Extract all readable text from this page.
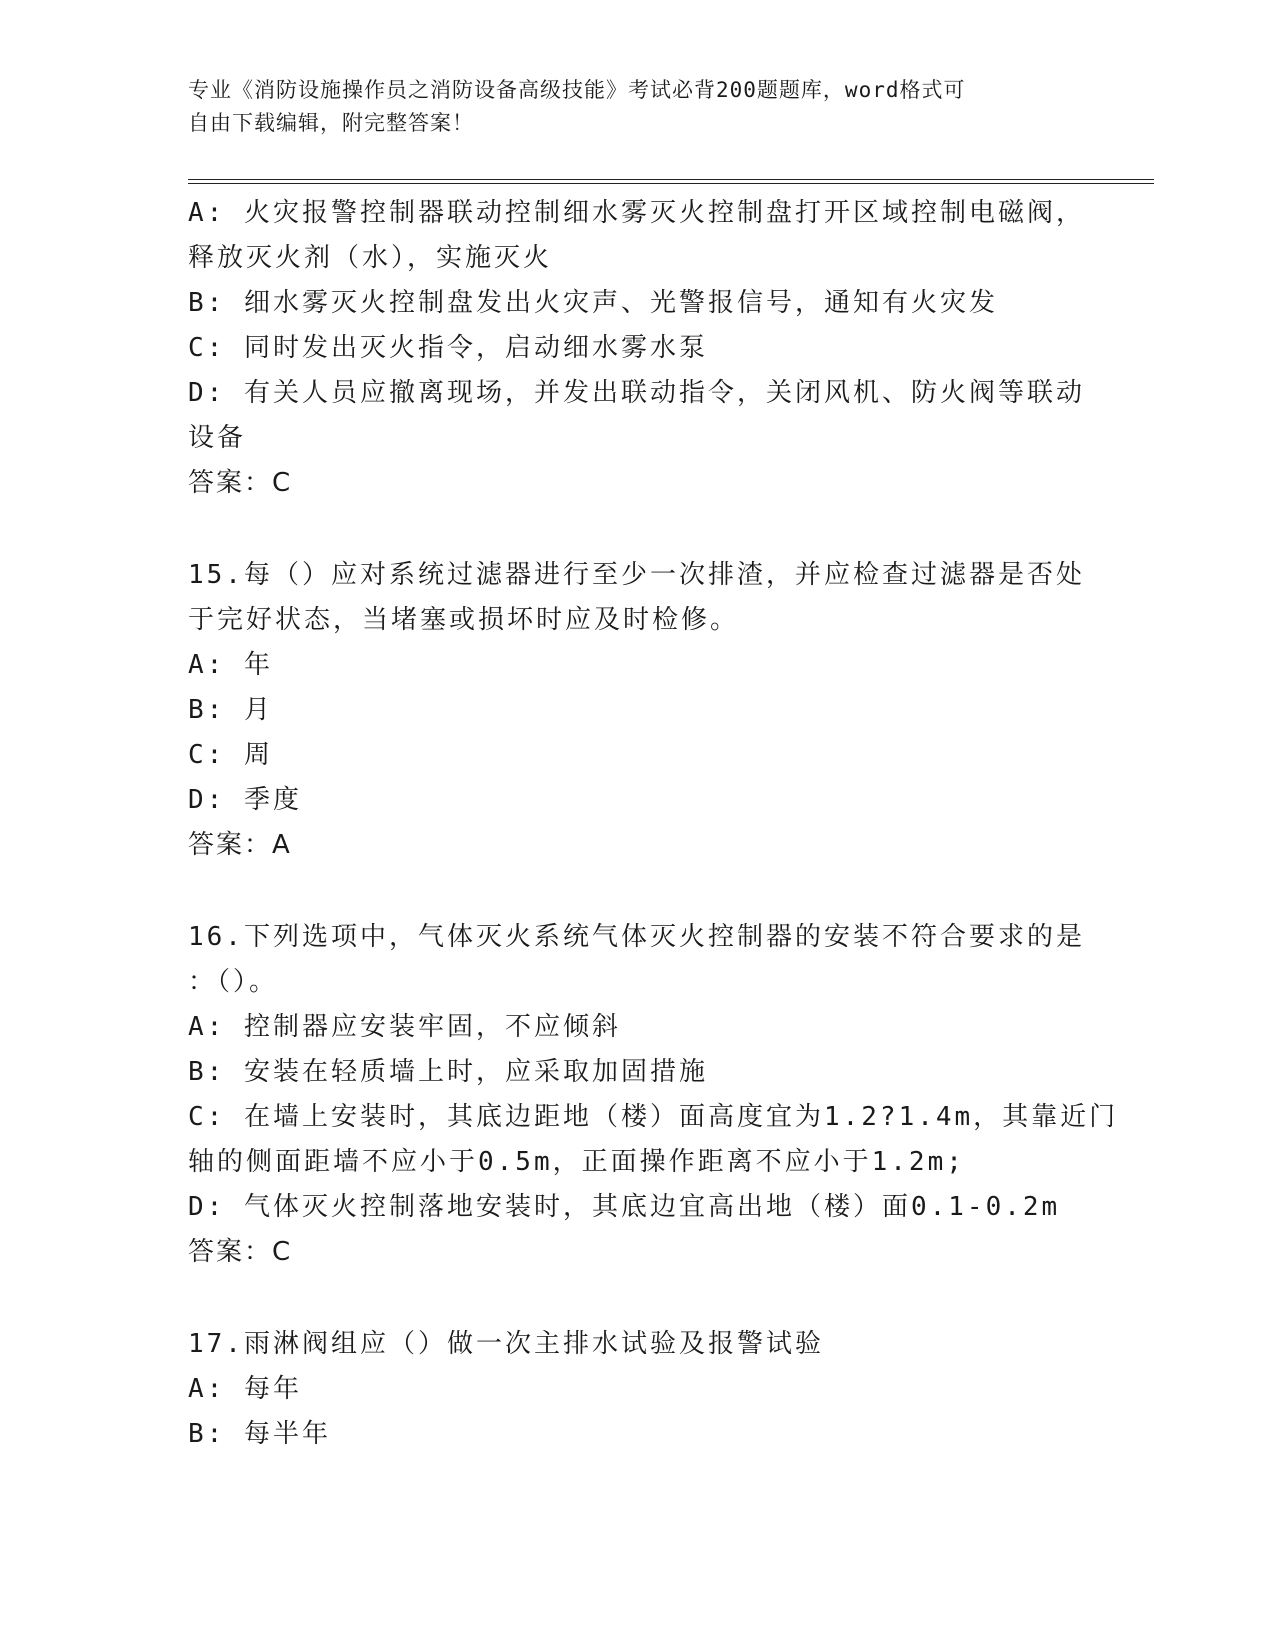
专业《消防设施操作员之消防设备高级技能》考试必背200题题库，word格式可
自由下载编辑，附完整答案！
A: 火灾报警控制器联动控制细水雾灭火控制盘打开区域控制电磁阀，
释放灭火剂（水），实施灭火
B: 细水雾灭火控制盘发出火灾声、光警报信号，通知有火灾发
C: 同时发出灭火指令，启动细水雾水泵
D: 有关人员应撤离现场，并发出联动指令，关闭风机、防火阀等联动
设备
答案：C
15.每（）应对系统过滤器进行至少一次排渣，并应检查过滤器是否处
于完好状态，当堵塞或损坏时应及时检修。
A: 年
B: 月
C: 周
D: 季度
答案：A
16.下列选项中，气体灭火系统气体灭火控制器的安装不符合要求的是
：（）。
A: 控制器应安装牢固，不应倾斜
B: 安装在轻质墙上时，应采取加固措施
C: 在墙上安装时，其底边距地（楼）面高度宜为1.2?1.4m，其靠近门
轴的侧面距墙不应小于0.5m，正面操作距离不应小于1.2m;
D: 气体灭火控制落地安装时，其底边宜高出地（楼）面0.1-0.2m
答案：C
17.雨淋阀组应（）做一次主排水试验及报警试验
A: 每年
B: 每半年
